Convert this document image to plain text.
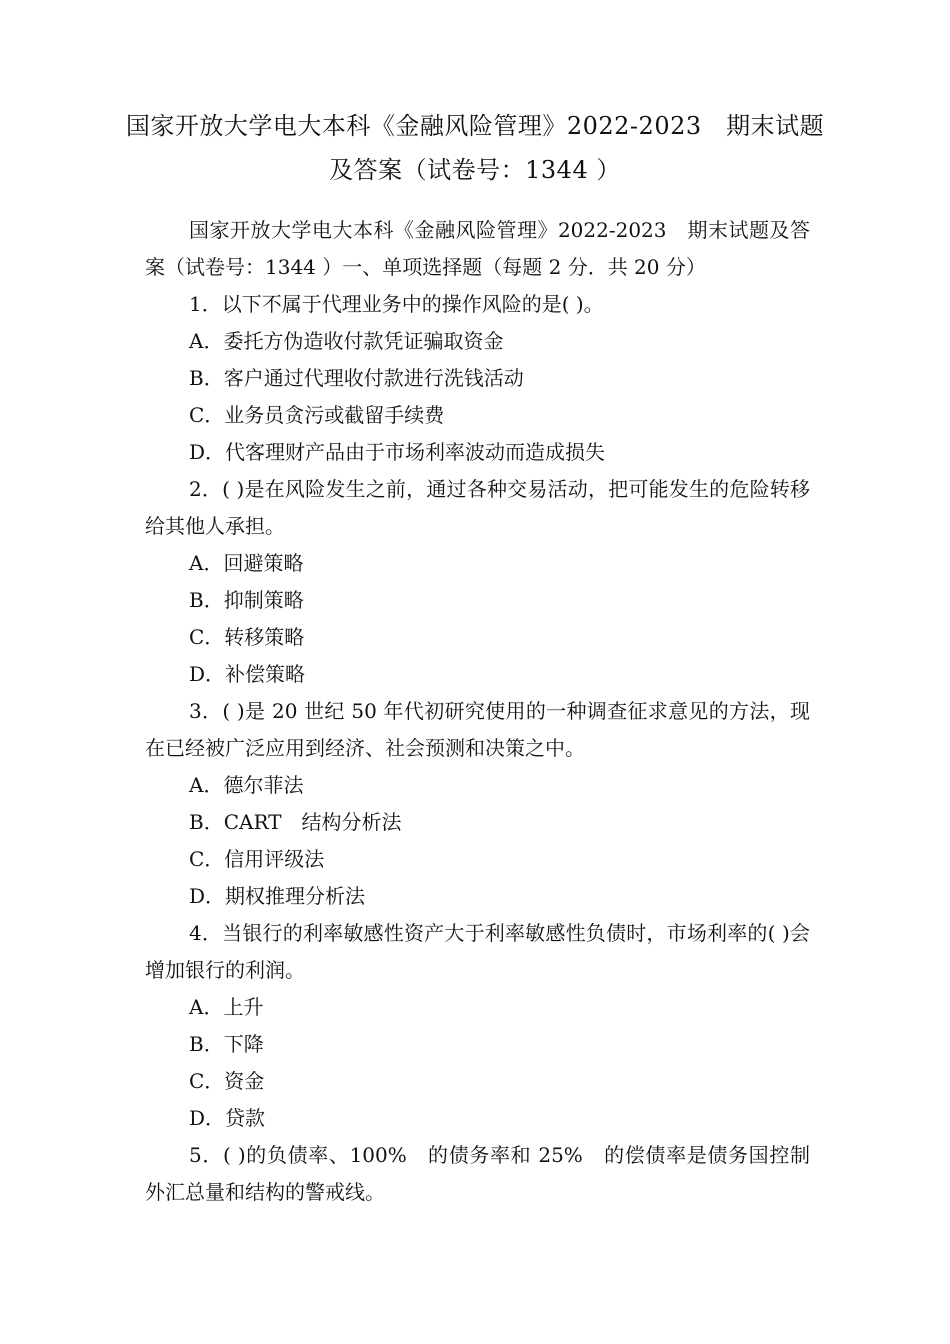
国家开放大学电大本科《金融风险管理》2022-2023　期末试题
及答案（试卷号：1344 ）

国家开放大学电大本科《金融风险管理》2022-2023　期末试题及答案（试卷号：1344 ）一、单项选择题（每题 2 分．共 20 分）

1．以下不属于代理业务中的操作风险的是( )。

A．委托方伪造收付款凭证骗取资金

B．客户通过代理收付款进行洗钱活动

C．业务员贪污或截留手续费

D．代客理财产品由于市场利率波动而造成损失

2．( )是在风险发生之前，通过各种交易活动，把可能发生的危险转移给其他人承担。

A．回避策略

B．抑制策略

C．转移策略

D．补偿策略

3．( )是 20 世纪 50 年代初研究使用的一种调查征求意见的方法，现在已经被广泛应用到经济、社会预测和决策之中。

A．德尔菲法

B．CART　结构分析法

C．信用评级法

D．期权推理分析法

4．当银行的利率敏感性资产大于利率敏感性负债时，市场利率的( )会增加银行的利润。

A．上升

B．下降

C．资金

D．贷款

5．( )的负债率、100%　的债务率和 25%　的偿债率是债务国控制外汇总量和结构的警戒线。
